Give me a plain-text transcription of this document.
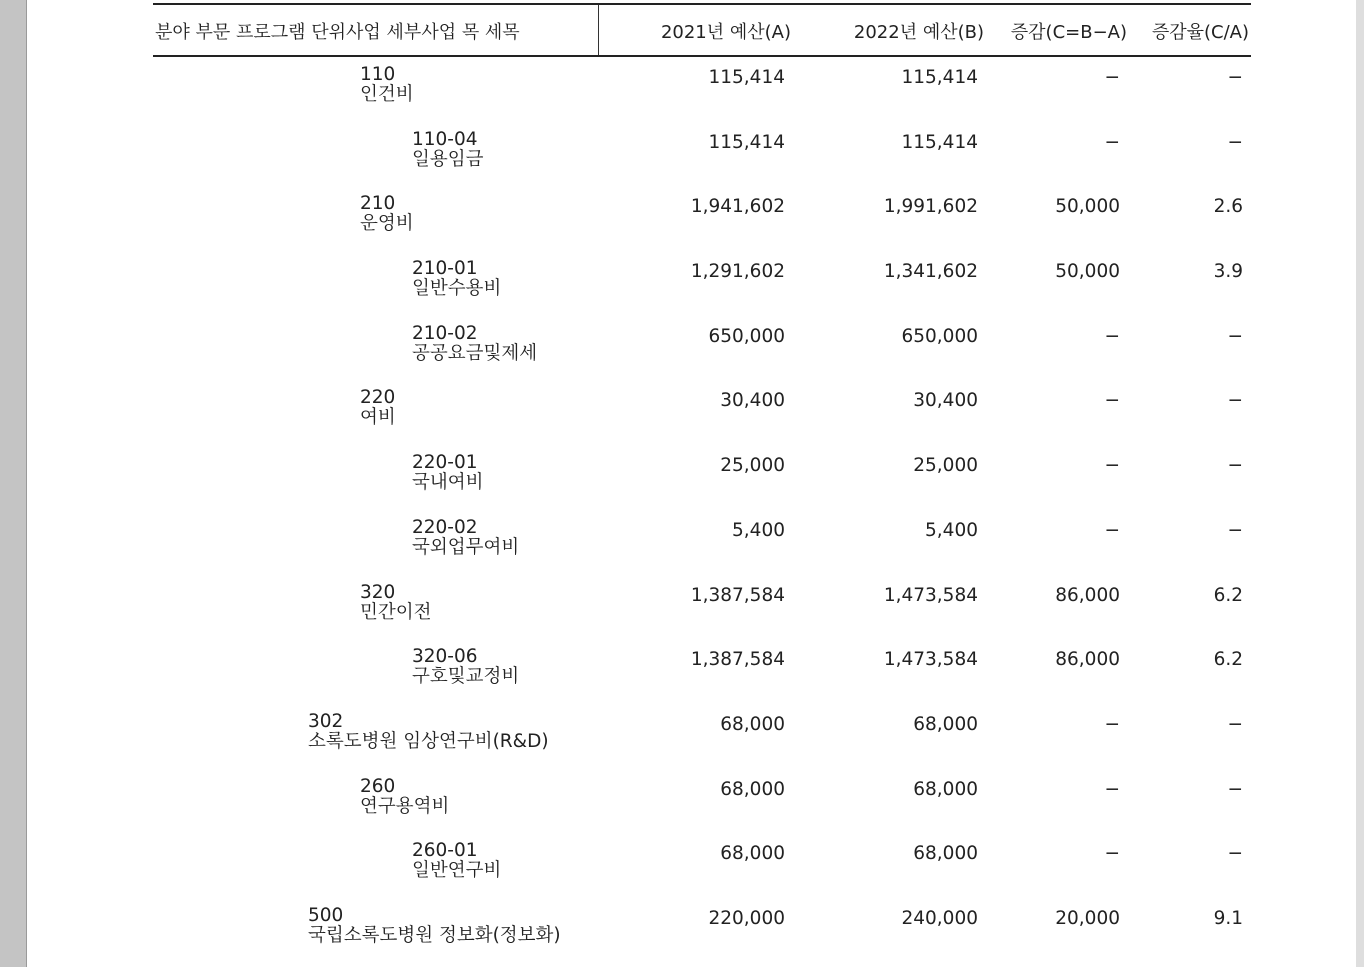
분야 부문 프로그램 단위사업 세부사업 목 세목	2021년 예산(A)	2022년 예산(B) 증감(C=B−A) 증감율(C/A)
110
인건비
115,414	115,414	−	−
110-04
일용임금
115,414	115,414	−	−
210
운영비
1,941,602	1,991,602	50,000	2.6
210-01
일반수용비
1,291,602	1,341,602	50,000	3.9
210-02
공공요금및제세
650,000	650,000	−	−
220
여비
30,400	30,400	−	−
220-01
국내여비
25,000	25,000	−	−
220-02
국외업무여비
5,400	5,400	−	−
320
민간이전
1,387,584	1,473,584	86,000	6.2
320-06
구호및교정비
1,387,584	1,473,584	86,000	6.2
302
소록도병원 임상연구비(R&D)
68,000	68,000	−	−
260
연구용역비
68,000	68,000	−	−
260-01
일반연구비
68,000	68,000	−	−
500
국립소록도병원 정보화(정보화)
220,000	240,000	20,000	9.1
